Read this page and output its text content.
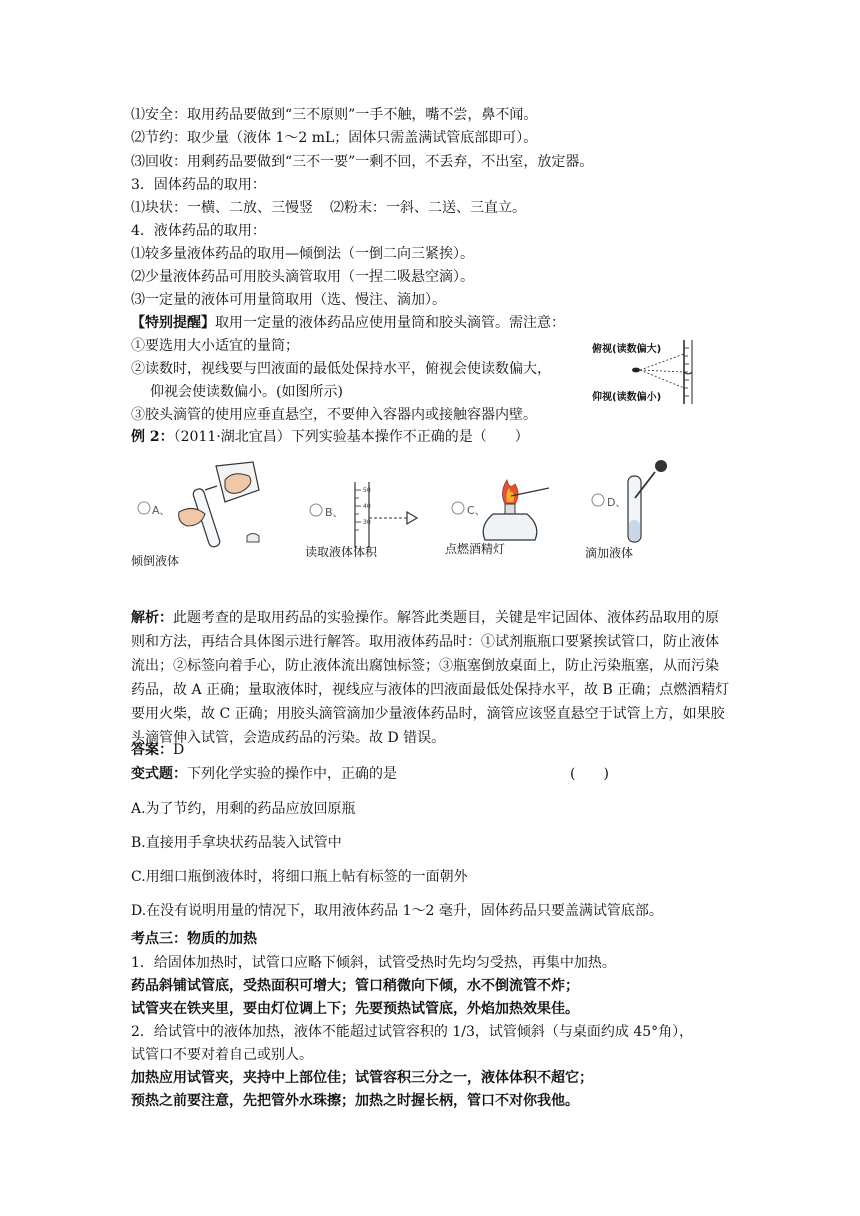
⑴安全：取用药品要做到“三不原则”一手不触，嘴不尝，鼻不闻。
⑵节约：取少量（液体 1～2 mL；固体只需盖满试管底部即可）。
⑶回收：用剩药品要做到“三不一要”一剩不回，不丢弃，不出室，放定器。
3．固体药品的取用：
⑴块状：一横、二放、三慢竖 ⑵粉末：一斜、二送、三直立。
4．液体药品的取用：
⑴较多量液体药品的取用—倾倒法（一倒二向三紧挨）。
⑵少量液体药品可用胶头滴管取用（一捏二吸悬空滴）。
⑶一定量的液体可用量筒取用（选、慢注、滴加）。
【特别提醒】取用一定量的液体药品应使用量筒和胶头滴管。需注意：
①要选用大小适宜的量筒；
②读数时，视线要与凹液面的最低处保持水平，俯视会使读数偏大，
仰视会使读数偏小。(如图所示)
③胶头滴管的使用应垂直悬空，不要伸入容器内或接触容器内壁。
例 2：（2011·湖北宜昌）下列实验基本操作不正确的是（　　）
俯视(读数偏大)
仰视(读数偏小)
A、
倾倒液体
50
40
30
B、
读取液体体积
C、
点燃酒精灯
D、
滴加液体
解析：此题考查的是取用药品的实验操作。解答此类题目，关键是牢记固体、液体药品取用的原则和方法，再结合具体图示进行解答。取用液体药品时：①试剂瓶瓶口要紧挨试管口，防止液体流出；②标签向着手心，防止液体流出腐蚀标签；③瓶塞倒放桌面上，防止污染瓶塞，从而污染药品，故 A 正确；量取液体时，视线应与液体的凹液面最低处保持水平，故 B 正确；点燃酒精灯要用火柴，故 C 正确；用胶头滴管滴加少量液体药品时，滴管应该竖直悬空于试管上方，如果胶头滴管伸入试管，会造成药品的污染。故 D 错误。
答案：D
变式题：下列化学实验的操作中，正确的是	(　　)
A.为了节约，用剩的药品应放回原瓶
B.直接用手拿块状药品装入试管中
C.用细口瓶倒液体时，将细口瓶上帖有标签的一面朝外
D.在没有说明用量的情况下，取用液体药品 1～2 毫升，固体药品只要盖满试管底部。
考点三：物质的加热
1．给固体加热时，试管口应略下倾斜，试管受热时先均匀受热，再集中加热。
药品斜铺试管底，受热面积可增大；管口稍微向下倾，水不倒流管不炸；
试管夹在铁夹里，要由灯位调上下；先要预热试管底，外焰加热效果佳。
2．给试管中的液体加热，液体不能超过试管容积的 1/3，试管倾斜（与桌面约成 45°角），
试管口不要对着自己或别人。
加热应用试管夹，夹持中上部位佳；试管容积三分之一，液体体积不超它；
预热之前要注意，先把管外水珠擦；加热之时握长柄，管口不对你我他。
